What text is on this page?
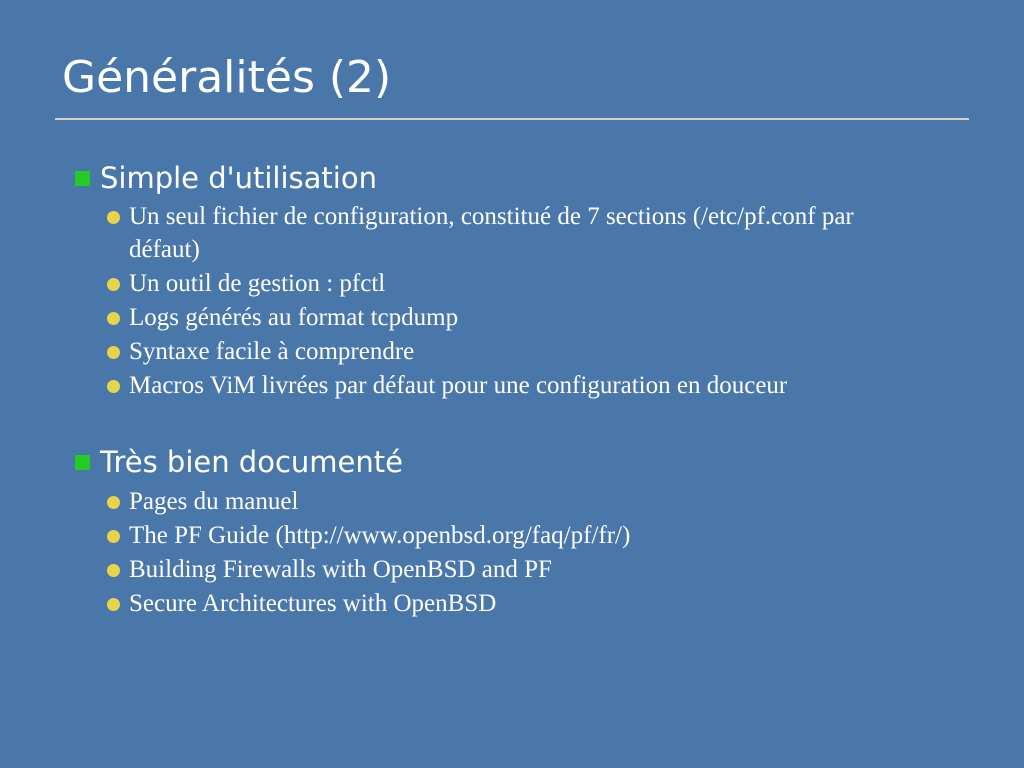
Généralités (2)
Simple d'utilisation
Un seul fichier de configuration, constitué de 7 sections (/etc/pf.conf par défaut)
Un outil de gestion : pfctl
Logs générés au format tcpdump
Syntaxe facile à comprendre
Macros ViM livrées par défaut pour une configuration en douceur
Très bien documenté
Pages du manuel
The PF Guide (http://www.openbsd.org/faq/pf/fr/)
Building Firewalls with OpenBSD and PF
Secure Architectures with OpenBSD
